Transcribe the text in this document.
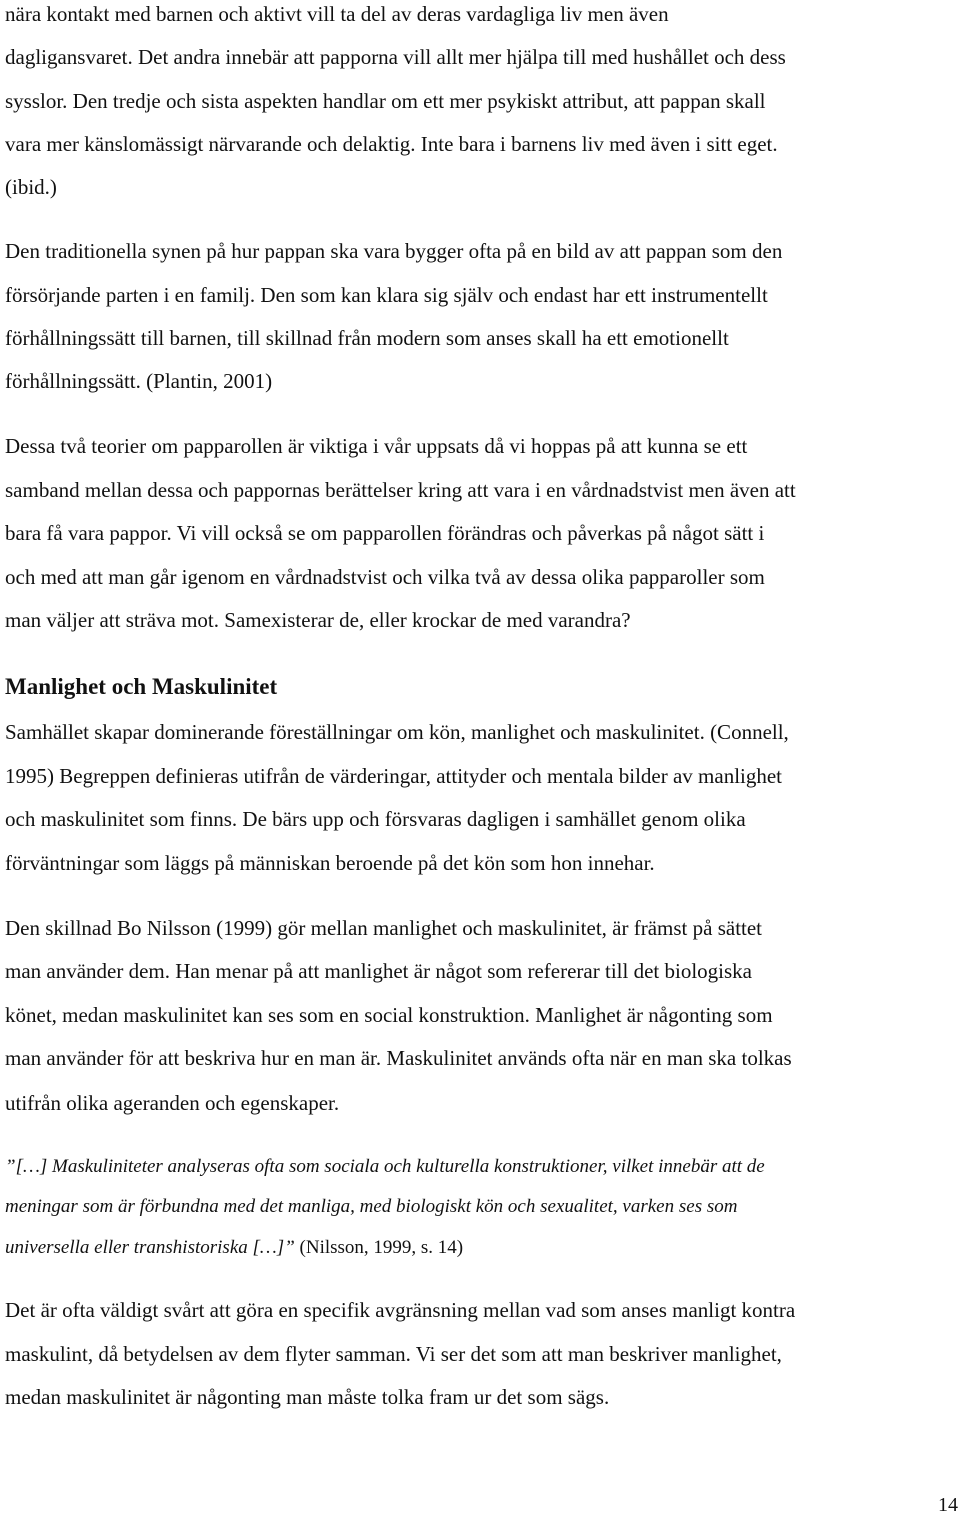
nära kontakt med barnen och aktivt vill ta del av deras vardagliga liv men även
dagligansvaret. Det andra innebär att papporna vill allt mer hjälpa till med hushållet och dess
sysslor. Den tredje och sista aspekten handlar om ett mer psykiskt attribut, att pappan skall
vara mer känslomässigt närvarande och delaktig. Inte bara i barnens liv med även i sitt eget.
(ibid.)
Den traditionella synen på hur pappan ska vara bygger ofta på en bild av att pappan som den
försörjande parten i en familj. Den som kan klara sig själv och endast har ett instrumentellt
förhållningssätt till barnen, till skillnad från modern som anses skall ha ett emotionellt
förhållningssätt. (Plantin, 2001)
Dessa två teorier om papparollen är viktiga i vår uppsats då vi hoppas på att kunna se ett
samband mellan dessa och pappornas berättelser kring att vara i en vårdnadstvist men även att
bara få vara pappor. Vi vill också se om papparollen förändras och påverkas på något sätt i
och med att man går igenom en vårdnadstvist och vilka två av dessa olika papparoller som
man väljer att sträva mot. Samexisterar de, eller krockar de med varandra?
Manlighet och Maskulinitet
Samhället skapar dominerande föreställningar om kön, manlighet och maskulinitet. (Connell,
1995) Begreppen definieras utifrån de värderingar, attityder och mentala bilder av manlighet
och maskulinitet som finns. De bärs upp och försvaras dagligen i samhället genom olika
förväntningar som läggs på människan beroende på det kön som hon innehar.
Den skillnad Bo Nilsson (1999) gör mellan manlighet och maskulinitet, är främst på sättet
man använder dem. Han menar på att manlighet är något som refererar till det biologiska
könet, medan maskulinitet kan ses som en social konstruktion. Manlighet är någonting som
man använder för att beskriva hur en man är. Maskulinitet används ofta när en man ska tolkas
utifrån olika ageranden och egenskaper.
”[…] Maskuliniteter analyseras ofta som sociala och kulturella konstruktioner, vilket innebär att de
meningar som är förbundna med det manliga, med biologiskt kön och sexualitet, varken ses som
universella eller transhistoriska […]” (Nilsson, 1999, s. 14)
Det är ofta väldigt svårt att göra en specifik avgränsning mellan vad som anses manligt kontra
maskulint, då betydelsen av dem flyter samman. Vi ser det som att man beskriver manlighet,
medan maskulinitet är någonting man måste tolka fram ur det som sägs.
14
